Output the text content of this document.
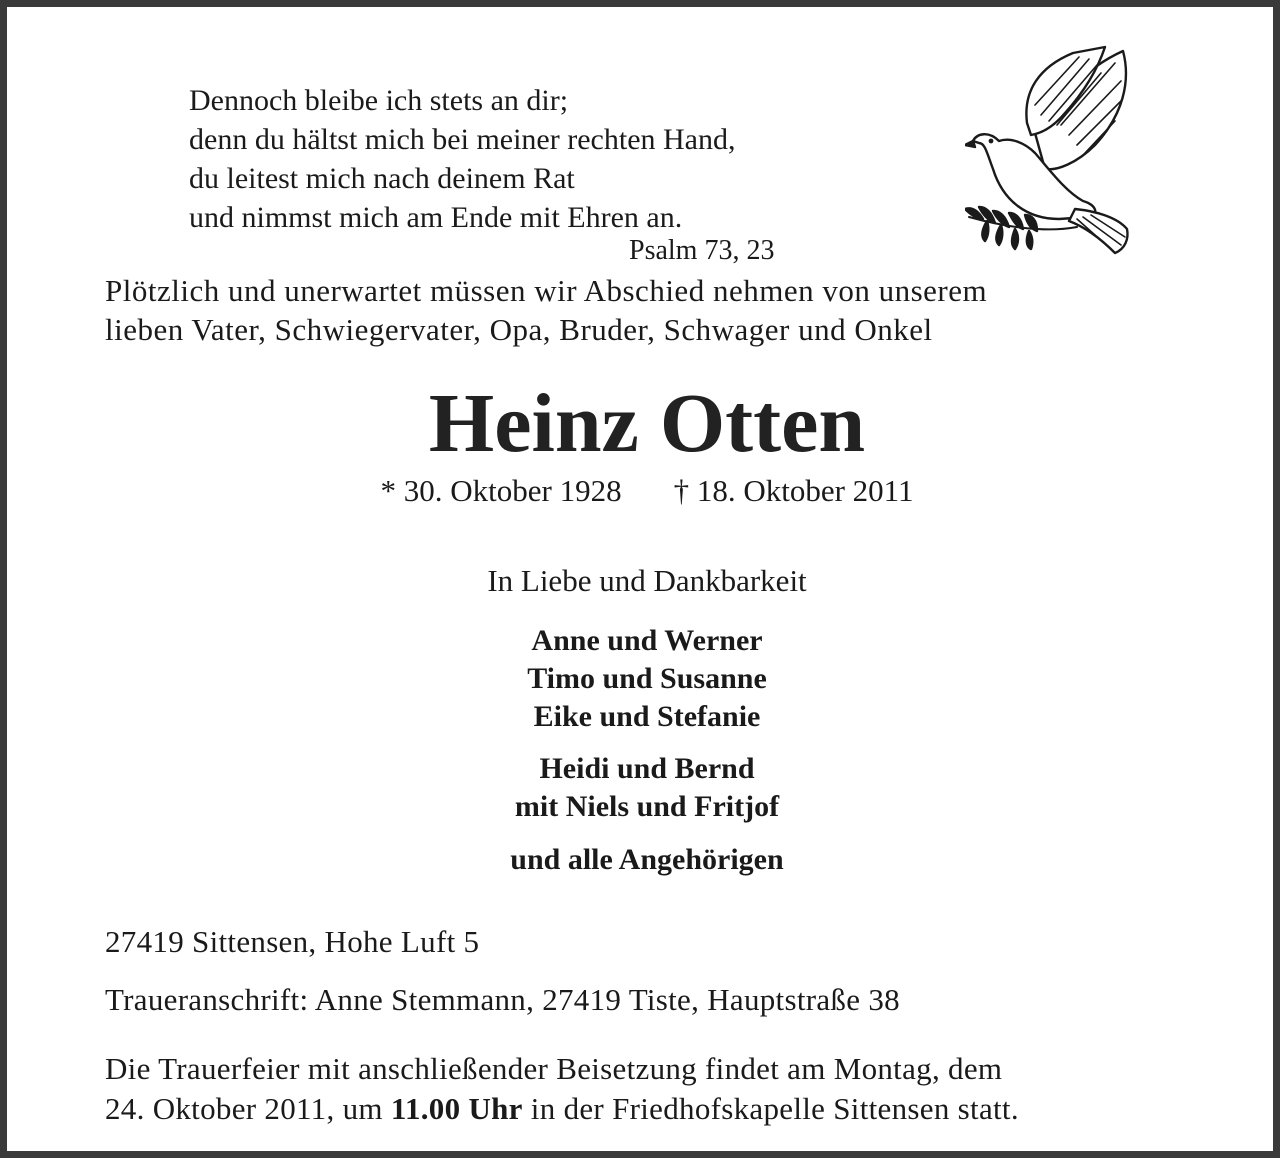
Dennoch bleibe ich stets an dir;
denn du hältst mich bei meiner rechten Hand,
du leitest mich nach deinem Rat
und nimmst mich am Ende mit Ehren an.
Psalm 73, 23
Plötzlich und unerwartet müssen wir Abschied nehmen von unserem
lieben Vater, Schwiegervater, Opa, Bruder, Schwager und Onkel
Heinz Otten
* 30. Oktober 1928 † 18. Oktober 2011
In Liebe und Dankbarkeit
Anne und Werner
Timo und Susanne
Eike und Stefanie
Heidi und Bernd
mit Niels und Fritjof
und alle Angehörigen
27419 Sittensen, Hohe Luft 5
Traueranschrift: Anne Stemmann, 27419 Tiste, Hauptstraße 38
Die Trauerfeier mit anschließender Beisetzung findet am Montag, dem
24. Oktober 2011, um 11.00 Uhr in der Friedhofskapelle Sittensen statt.
